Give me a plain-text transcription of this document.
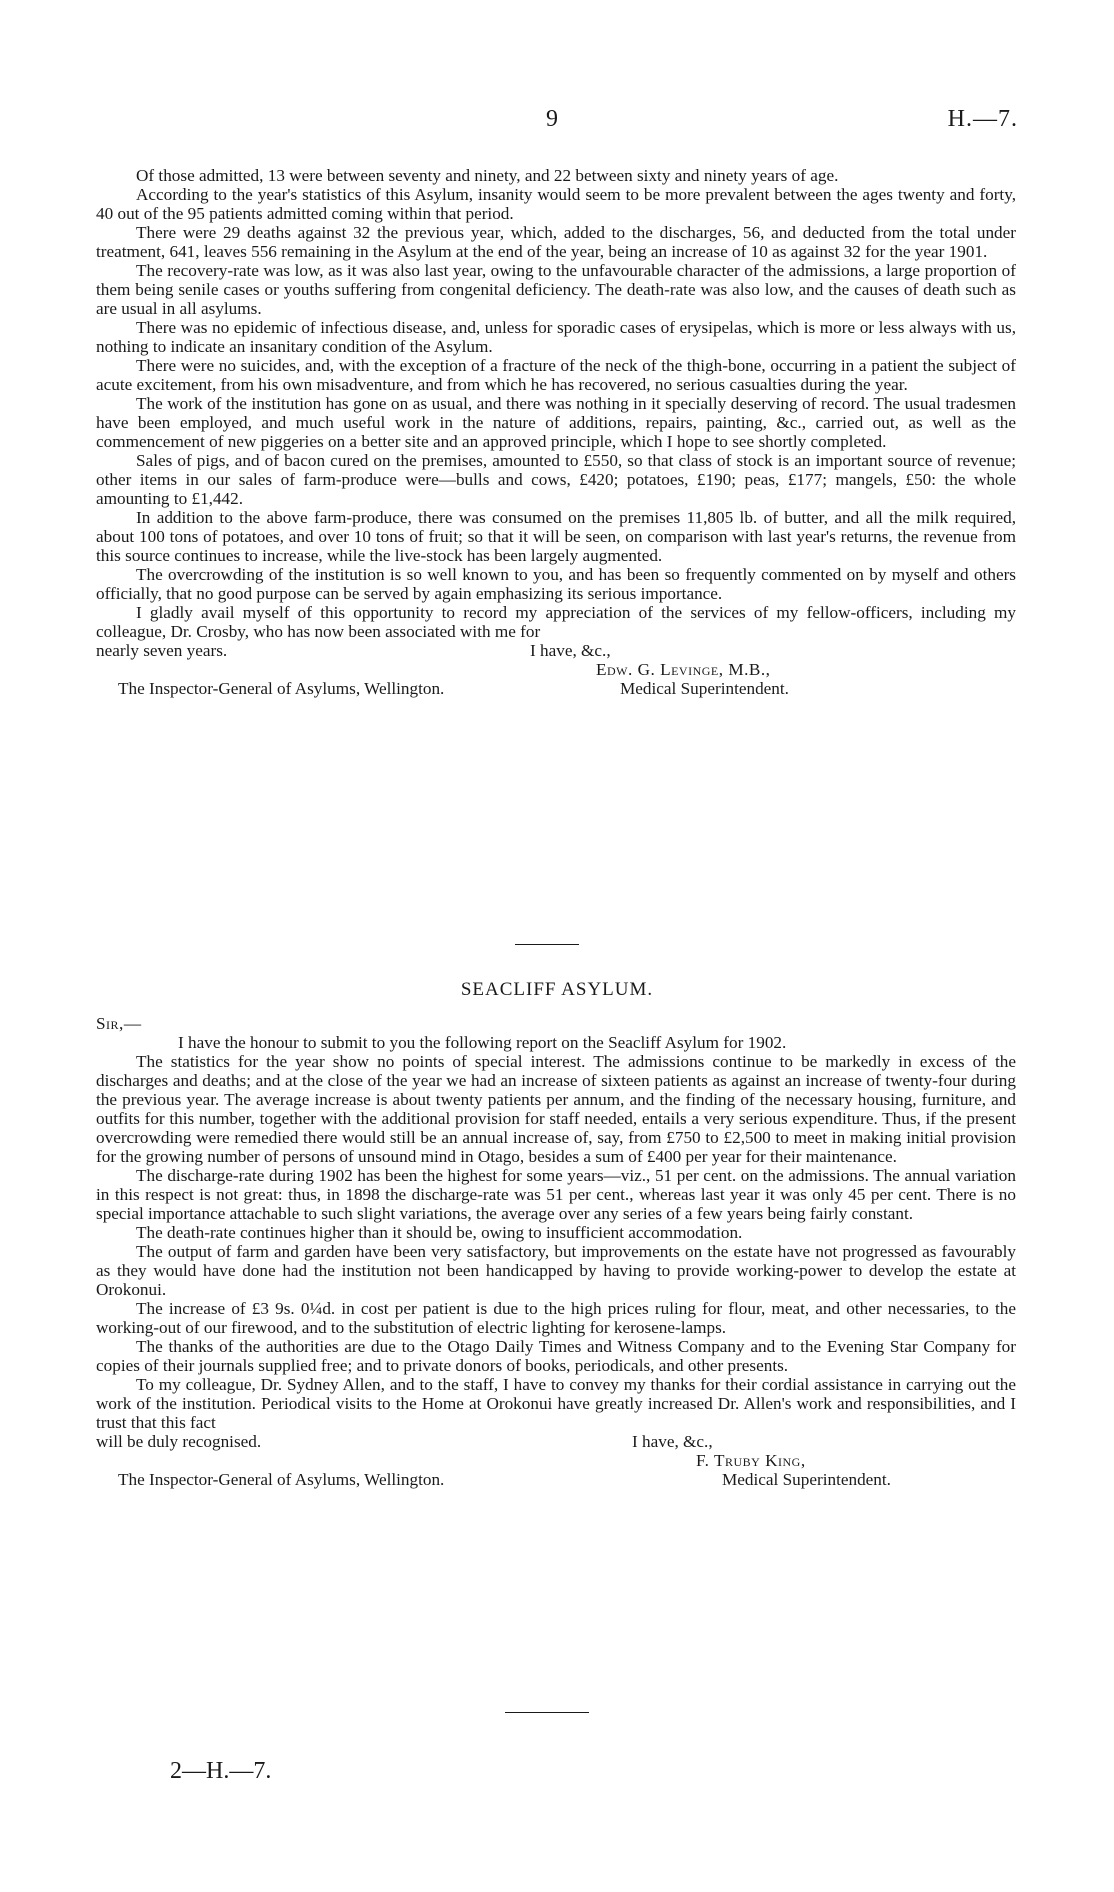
9	H.—7.

Of those admitted, 13 were between seventy and ninety, and 22 between sixty and ninety years of age.

According to the year's statistics of this Asylum, insanity would seem to be more prevalent between the ages twenty and forty, 40 out of the 95 patients admitted coming within that period.

There were 29 deaths against 32 the previous year, which, added to the discharges, 56, and deducted from the total under treatment, 641, leaves 556 remaining in the Asylum at the end of the year, being an increase of 10 as against 32 for the year 1901.

The recovery-rate was low, as it was also last year, owing to the unfavourable character of the admissions, a large proportion of them being senile cases or youths suffering from congenital deficiency. The death-rate was also low, and the causes of death such as are usual in all asylums.

There was no epidemic of infectious disease, and, unless for sporadic cases of erysipelas, which is more or less always with us, nothing to indicate an insanitary condition of the Asylum.

There were no suicides, and, with the exception of a fracture of the neck of the thigh-bone, occurring in a patient the subject of acute excitement, from his own misadventure, and from which he has recovered, no serious casualties during the year.

The work of the institution has gone on as usual, and there was nothing in it specially deserving of record. The usual tradesmen have been employed, and much useful work in the nature of additions, repairs, painting, &c., carried out, as well as the commencement of new piggeries on a better site and an approved principle, which I hope to see shortly completed.

Sales of pigs, and of bacon cured on the premises, amounted to £550, so that class of stock is an important source of revenue; other items in our sales of farm-produce were—bulls and cows, £420; potatoes, £190; peas, £177; mangels, £50: the whole amounting to £1,442.

In addition to the above farm-produce, there was consumed on the premises 11,805 lb. of butter, and all the milk required, about 100 tons of potatoes, and over 10 tons of fruit; so that it will be seen, on comparison with last year's returns, the revenue from this source continues to increase, while the live-stock has been largely augmented.

The overcrowding of the institution is so well known to you, and has been so frequently commented on by myself and others officially, that no good purpose can be served by again emphasizing its serious importance.

I gladly avail myself of this opportunity to record my appreciation of the services of my fellow-officers, including my colleague, Dr. Crosby, who has now been associated with me for

nearly seven years.	I have, &c.,
Edw. G. Levinge, M.B.,
The Inspector-General of Asylums, Wellington.	Medical Superintendent.
SEACLIFF ASYLUM.

Sir,—

I have the honour to submit to you the following report on the Seacliff Asylum for 1902.

The statistics for the year show no points of special interest. The admissions continue to be markedly in excess of the discharges and deaths; and at the close of the year we had an increase of sixteen patients as against an increase of twenty-four during the previous year. The average increase is about twenty patients per annum, and the finding of the necessary housing, furniture, and outfits for this number, together with the additional provision for staff needed, entails a very serious expenditure. Thus, if the present overcrowding were remedied there would still be an annual increase of, say, from £750 to £2,500 to meet in making initial provision for the growing number of persons of unsound mind in Otago, besides a sum of £400 per year for their maintenance.

The discharge-rate during 1902 has been the highest for some years—viz., 51 per cent. on the admissions. The annual variation in this respect is not great: thus, in 1898 the discharge-rate was 51 per cent., whereas last year it was only 45 per cent. There is no special importance attachable to such slight variations, the average over any series of a few years being fairly constant.

The death-rate continues higher than it should be, owing to insufficient accommodation.

The output of farm and garden have been very satisfactory, but improvements on the estate have not progressed as favourably as they would have done had the institution not been handicapped by having to provide working-power to develop the estate at Orokonui.

The increase of £3 9s. 0¼d. in cost per patient is due to the high prices ruling for flour, meat, and other necessaries, to the working-out of our firewood, and to the substitution of electric lighting for kerosene-lamps.

The thanks of the authorities are due to the Otago Daily Times and Witness Company and to the Evening Star Company for copies of their journals supplied free; and to private donors of books, periodicals, and other presents.

To my colleague, Dr. Sydney Allen, and to the staff, I have to convey my thanks for their cordial assistance in carrying out the work of the institution. Periodical visits to the Home at Orokonui have greatly increased Dr. Allen's work and responsibilities, and I trust that this fact

will be duly recognised.	I have, &c.,
F. Truby King,
The Inspector-General of Asylums, Wellington.	Medical Superintendent.
2—H.—7.
